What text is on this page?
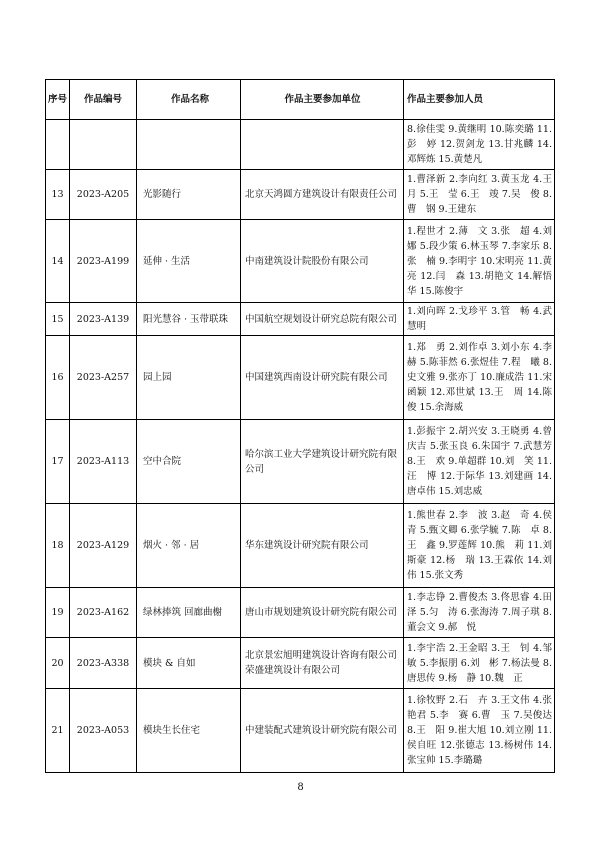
序号	作品编号	作品名称	作品主要参加单位	作品主要参加人员
				8.徐佳雯 9.黄继明 10.陈奕璐 11.彭　婷 12.贺剑龙 13.甘兆麟 14.邓辉炼 15.黄楚凡
13	2023-A205	光影随行	北京天鸿圆方建筑设计有限责任公司	1.曹泽新 2.李向红 3.黄玉龙 4.王月 5.王　莹 6.王　竣 7.吴　俊 8.曹　钢 9.王建东
14	2023-A199	延伸 · 生活	中南建筑设计院股份有限公司	1.程世才 2.薄　文 3.张　超 4.刘娜 5.段少策 6.林玉琴 7.李家乐 8.张　楠 9.李明宇 10.宋明亮 11.黄　亮 12.闫　森 13.胡艳文 14.解悟华 15.陈俊宇
15	2023-A139	阳光慧谷 · 玉带联珠	中国航空规划设计研究总院有限公司	1.刘向晖 2.戈珍平 3.管　畅 4.武慧明
16	2023-A257	园上园	中国建筑西南设计研究院有限公司	1.郑　勇 2.刘作卓 3.刘小东 4.李赫 5.陈菲然 6.张煜佳 7.程　曦 8.史文雅 9.张亦丁 10.廉成浩 11.宋函颖 12.邓世斌 13.王　周 14.陈　俊 15.余海威
17	2023-A113	空中合院	哈尔滨工业大学建筑设计研究院有限公司	1.彭振宇 2.胡兴安 3.王晓勇 4.曾庆吉 5.张玉良 6.朱国宇 7.武慧芳 8.王　欢 9.单超群 10.刘　笑 11.汪　博 12.于际华 13.刘建画 14.唐卓伟 15.刘忠威
18	2023-A129	烟火 · 邻 · 居	华东建筑设计研究院有限公司	1.熊世春 2.李　波 3.赵　奇 4.侯青 5.甄文卿 6.张学毓 7.陈　卓 8.王　鑫 9.罗莲辉 10.熊　莉 11.刘斯豪 12.杨　瑞 13.王霖依 14.刘　伟 15.张文秀
19	2023-A162	绿林捧筑 回廊曲榭	唐山市规划建筑设计研究院有限公司	1.李志铮 2.曹俊杰 3.佟思睿 4.田泽 5.匀　涛 6.张海涛 7.周子琪 8.董会文 9.郝　悦
20	2023-A338	模块 & 自如	北京景宏旭明建筑设计咨询有限公司 荣盛建筑设计有限公司	1.李宇浩 2.王金昭 3.王　钊 4.邹敏 5.李振朋 6.刘　彬 7.杨法曼 8.唐思传 9.杨　静 10.魏　正
21	2023-A053	模块生长住宅	中建装配式建筑设计研究院有限公司	1.徐牧野 2.石　卉 3.王文伟 4.张艳君 5.李　赛 6.曹　玉 7.吴俊达 8.王　阳 9.崔大旭 10.刘立刚 11.侯自旺 12.张德志 13.杨树伟 14.张宝帅 15.李璐璐
8
